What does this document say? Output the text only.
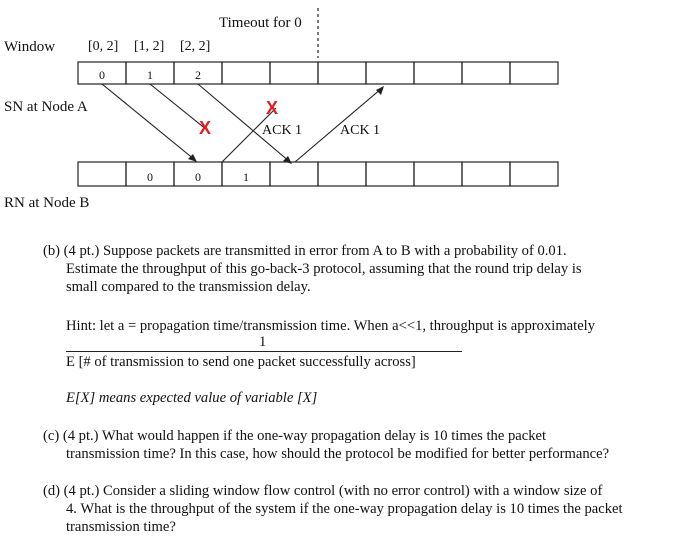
0	1	2
0	0	1
X
X
ACK 1	ACK 1
Timeout for 0
Window [0, 2] [1, 2] [2, 2]
SN at Node A
RN at Node B
(b) (4 pt.) Suppose packets are transmitted in error from A to B with a probability of 0.01.
Estimate the throughput of this go-back-3 protocol, assuming that the round trip delay is
small compared to the transmission delay.
Hint: let a = propagation time/transmission time. When a<<1, throughput is approximately
1
E [# of transmission to send one packet successfully across]
E[X] means expected value of variable [X]
(c) (4 pt.) What would happen if the one-way propagation delay is 10 times the packet
transmission time? In this case, how should the protocol be modified for better performance?
(d) (4 pt.) Consider a sliding window flow control (with no error control) with a window size of
4. What is the throughput of the system if the one-way propagation delay is 10 times the packet
transmission time?
